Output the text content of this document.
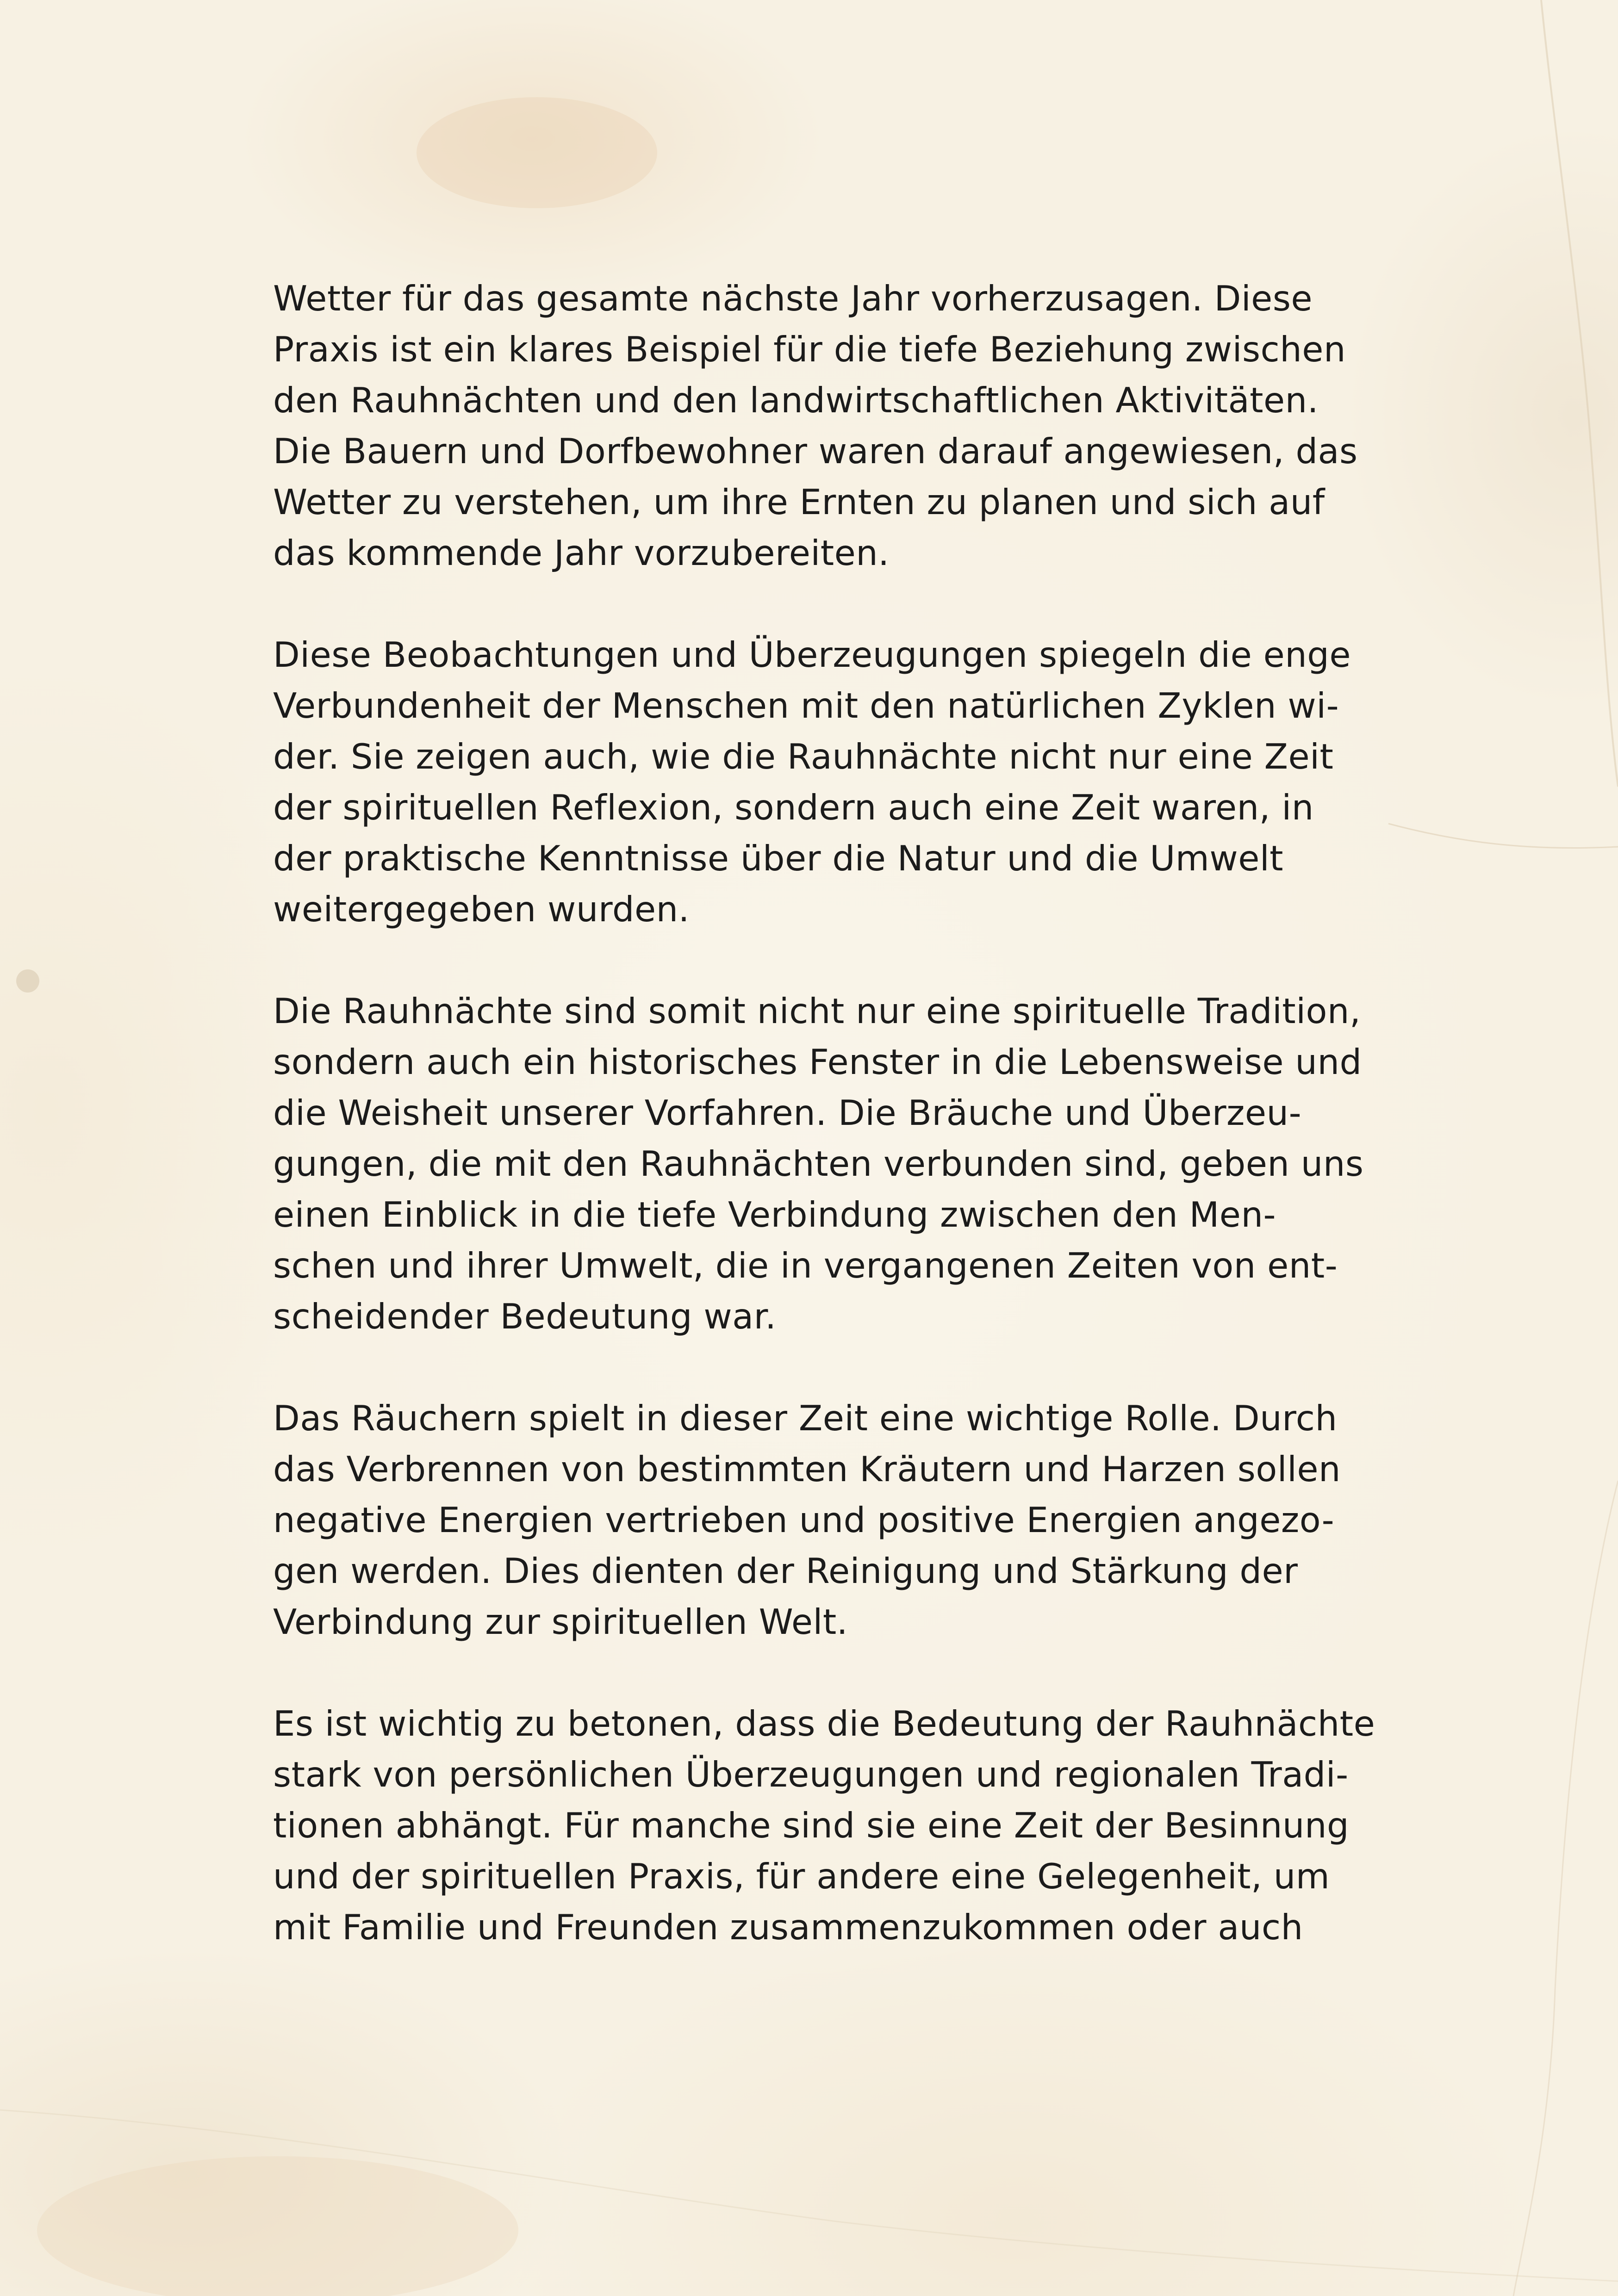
Wetter für das gesamte nächste Jahr vorherzusagen. Diese
Praxis ist ein klares Beispiel für die tiefe Beziehung zwischen
den Rauhnächten und den landwirtschaftlichen Aktivitäten.
Die Bauern und Dorfbewohner waren darauf angewiesen, das
Wetter zu verstehen, um ihre Ernten zu planen und sich auf
das kommende Jahr vorzubereiten.

Diese Beobachtungen und Überzeugungen spiegeln die enge
Verbundenheit der Menschen mit den natürlichen Zyklen wi-
der. Sie zeigen auch, wie die Rauhnächte nicht nur eine Zeit
der spirituellen Reflexion, sondern auch eine Zeit waren, in
der praktische Kenntnisse über die Natur und die Umwelt
weitergegeben wurden.

Die Rauhnächte sind somit nicht nur eine spirituelle Tradition,
sondern auch ein historisches Fenster in die Lebensweise und
die Weisheit unserer Vorfahren. Die Bräuche und Überzeu-
gungen, die mit den Rauhnächten verbunden sind, geben uns
einen Einblick in die tiefe Verbindung zwischen den Men-
schen und ihrer Umwelt, die in vergangenen Zeiten von ent-
scheidender Bedeutung war.

Das Räuchern spielt in dieser Zeit eine wichtige Rolle. Durch
das Verbrennen von bestimmten Kräutern und Harzen sollen
negative Energien vertrieben und positive Energien angezo-
gen werden. Dies dienten der Reinigung und Stärkung der
Verbindung zur spirituellen Welt.

Es ist wichtig zu betonen, dass die Bedeutung der Rauhnächte
stark von persönlichen Überzeugungen und regionalen Tradi-
tionen abhängt. Für manche sind sie eine Zeit der Besinnung
und der spirituellen Praxis, für andere eine Gelegenheit, um
mit Familie und Freunden zusammenzukommen oder auch
